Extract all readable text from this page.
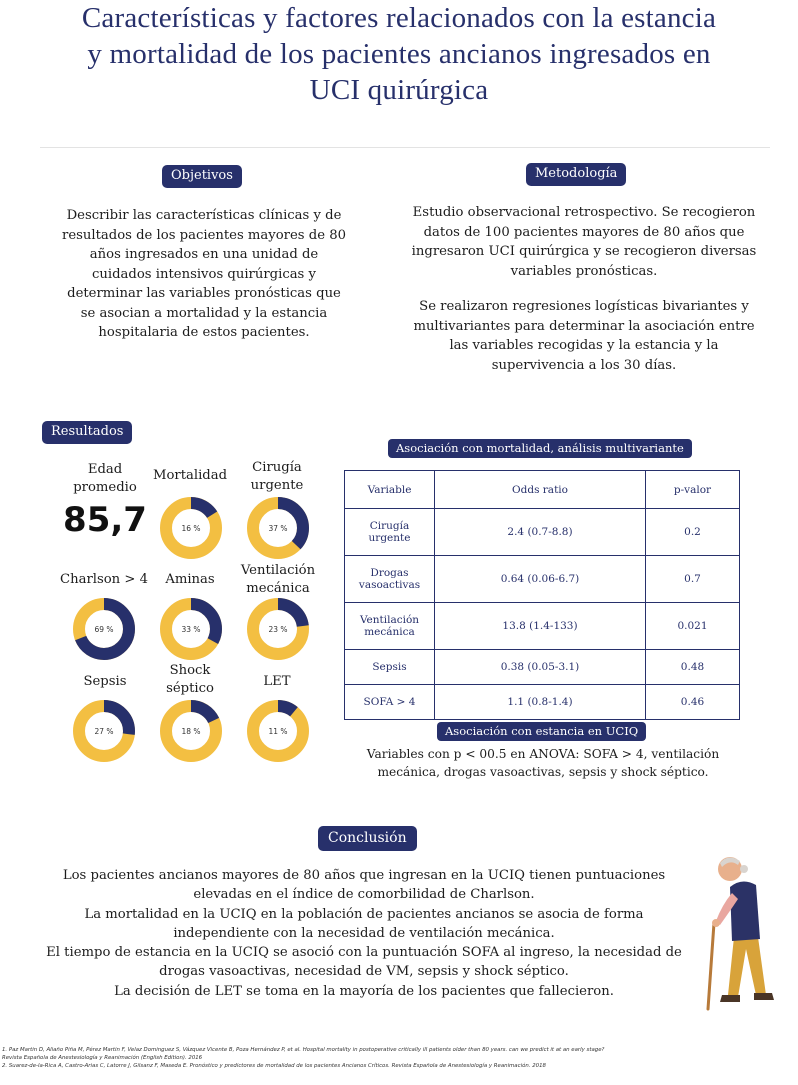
Características y factores relacionados con la estancia
y mortalidad de los pacientes ancianos ingresados en
UCI quirúrgica
Objetivos
Describir las características clínicas y de resultados de los pacientes mayores de 80 años ingresados en una unidad de cuidados intensivos quirúrgicas y determinar las variables pronósticas que se asocian a mortalidad y la estancia hospitalaria de estos pacientes.
Metodología
Estudio observacional retrospectivo. Se recogieron datos de 100 pacientes mayores de 80 años que ingresaron UCI quirúrgica y se recogieron diversas variables pronósticas.
Se realizaron regresiones logísticas bivariantes y multivariantes para determinar la asociación entre las variables recogidas y la estancia y la supervivencia a los 30 días.
Resultados
Edad
promedio
85,7
Mortalidad
Cirugía urgente
Charlson > 4	Aminas
Ventilación mecánica
Sepsis
Shock séptico	LET
16 %	37 %
69 %	33 %	23 %
27 %	18 %	11 %
Asociación con mortalidad, análisis multivariante
Variable	Odds ratio	p-valor
Cirugía urgente	2.4 (0.7-8.8)	0.2
Drogas vasoactivas	0.64 (0.06-6.7)	0.7
Ventilación mecánica	13.8 (1.4-133)	0.021
Sepsis	0.38 (0.05-3.1)	0.48
SOFA > 4	1.1 (0.8-1.4)	0.46
Asociación con estancia en UCIQ
Variables con p < 00.5 en ANOVA: SOFA > 4, ventilación mecánica, drogas vasoactivas, sepsis y shock séptico.
Conclusión
Los pacientes ancianos mayores de 80 años que ingresan en la UCIQ tienen puntuaciones elevadas en el índice de comorbilidad de Charlson.
La mortalidad en la UCIQ en la población de pacientes ancianos se asocia de forma independiente con la necesidad de ventilación mecánica.
El tiempo de estancia en la UCIQ se asoció con la puntuación SOFA al ingreso, la necesidad de drogas vasoactivas, necesidad de VM, sepsis y shock séptico.
La decisión de LET se toma en la mayoría de los pacientes que fallecieron.
1. Paz Martin D, Aliaño Piña M, Pérez Martin F, Velaz Dominguez S, Vázquez Vicente B, Poza Hernández P, et al. Hospital mortality in postoperative critically ill patients older than 80 years. can we predict it at an early stage?
Revista Española de Anestesiología y Reanimación (English Edition). 2016
2. Suarez-de-la-Rica A, Castro-Arias C, Latorre J, Gilsanz F, Maseda E. Pronóstico y predictores de mortalidad de los pacientes Ancianos Críticos. Revista Española de Anestesiología y Reanimación. 2018
